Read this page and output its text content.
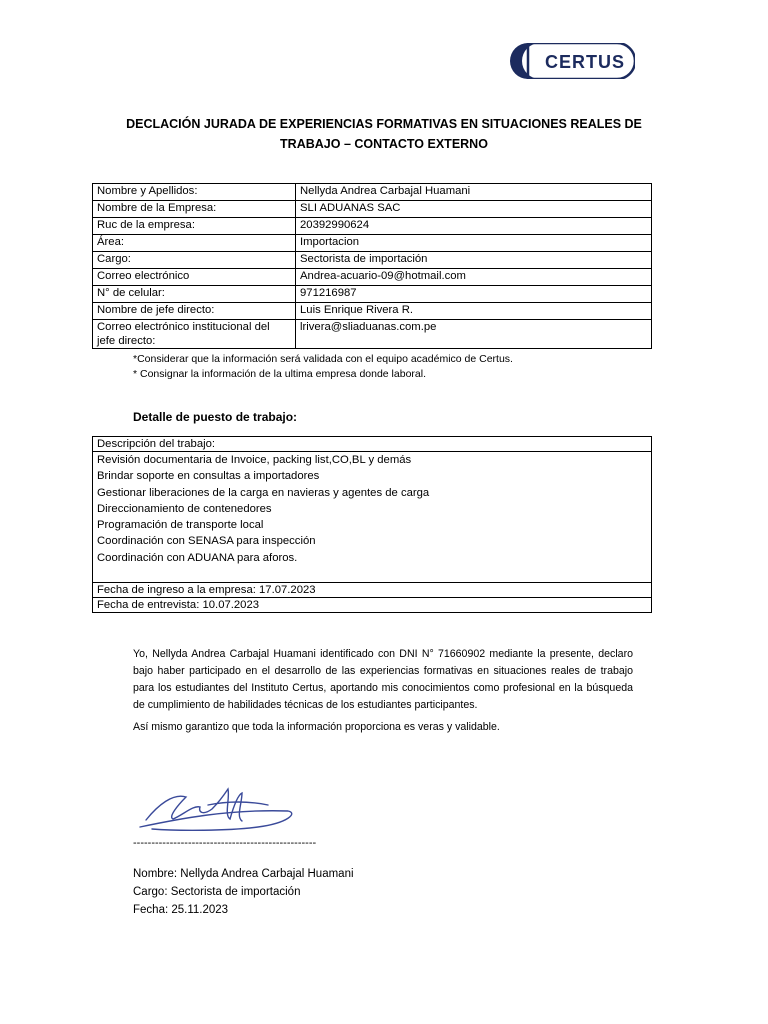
CERTUS
DECLACIÓN JURADA DE EXPERIENCIAS FORMATIVAS EN SITUACIONES REALES DE
TRABAJO – CONTACTO EXTERNO
Nombre y Apellidos:	Nellyda Andrea Carbajal Huamani
Nombre de la Empresa:	SLI ADUANAS SAC
Ruc de la empresa:	20392990624
Área:	Importacion
Cargo:	Sectorista de importación
Correo electrónico	Andrea-acuario-09@hotmail.com
N° de celular:	971216987
Nombre de jefe directo:	Luis Enrique Rivera R.
Correo electrónico institucional del jefe directo:	lrivera@sliaduanas.com.pe
*Considerar que la información será validada con el equipo académico de Certus.
* Consignar la información de la ultima empresa donde laboral.
Detalle de puesto de trabajo:
Descripción del trabajo:

Revisión documentaria de Invoice, packing list,CO,BL y demás
Brindar soporte en consultas a importadores
Gestionar liberaciones de la carga en navieras y agentes de carga
Direccionamiento de contenedores
Programación de transporte local
Coordinación con SENASA para inspección
Coordinación con ADUANA para aforos.

Fecha de ingreso a la empresa: 17.07.2023
Fecha de entrevista: 10.07.2023
Yo, Nellyda Andrea Carbajal Huamani identificado con DNI N° 71660902 mediante la presente, declaro bajo haber participado en el desarrollo de las experiencias formativas en situaciones reales de trabajo para los estudiantes del Instituto Certus, aportando mis conocimientos como profesional en la búsqueda de cumplimiento de habilidades técnicas de los estudiantes participantes.
Así mismo garantizo que toda la información proporciona es veras y validable.
--------------------------------------------------
Nombre: Nellyda Andrea Carbajal Huamani
Cargo: Sectorista de importación
Fecha: 25.11.2023
